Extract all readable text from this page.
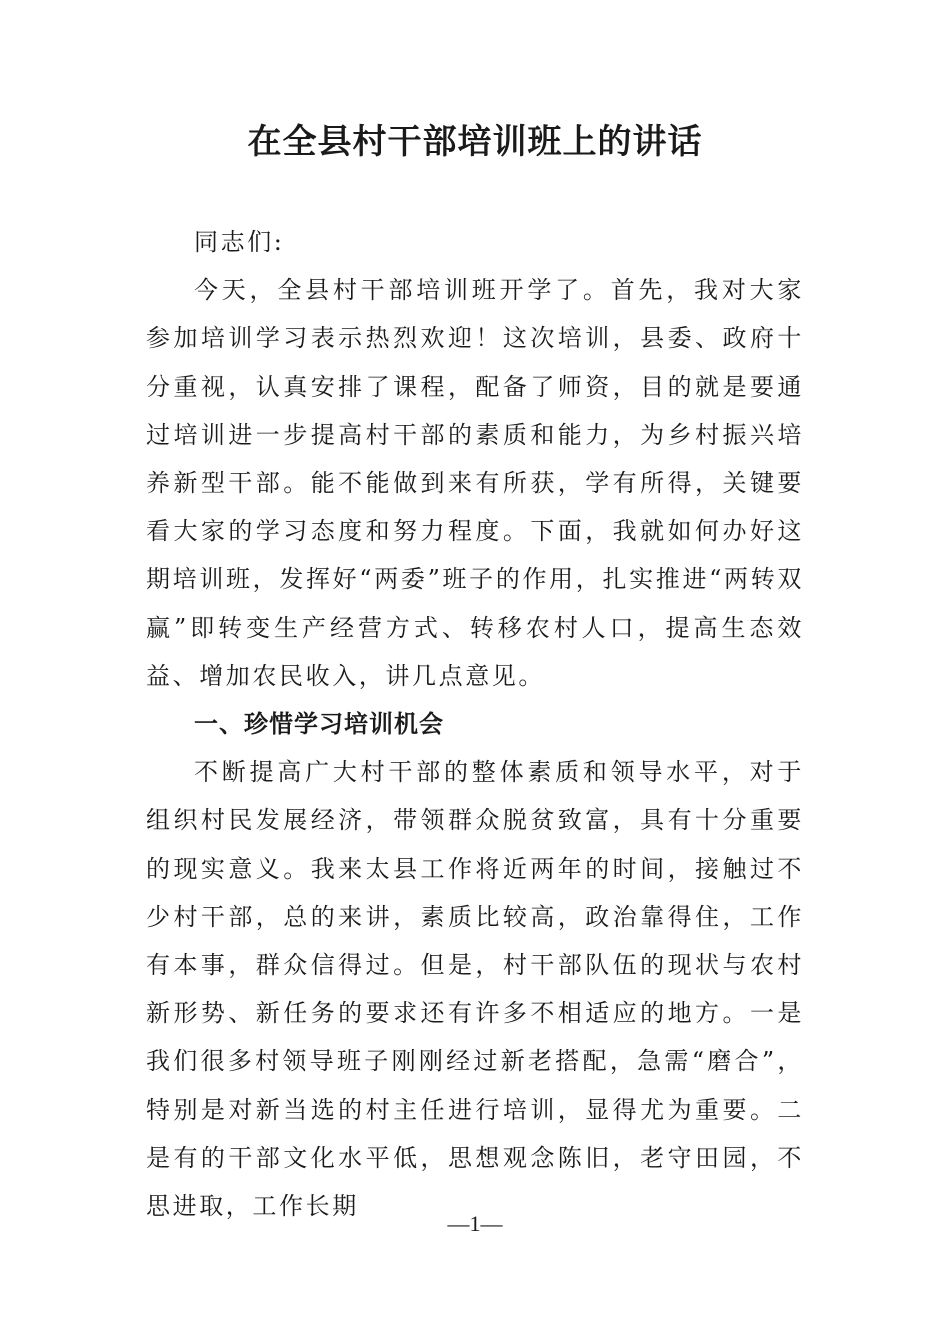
在全县村干部培训班上的讲话

同志们:

今天，全县村干部培训班开学了。首先，我对大家参加培训学习表示热烈欢迎！这次培训，县委、政府十分重视，认真安排了课程，配备了师资，目的就是要通过培训进一步提高村干部的素质和能力，为乡村振兴培养新型干部。能不能做到来有所获，学有所得，关键要看大家的学习态度和努力程度。下面，我就如何办好这期培训班，发挥好“两委”班子的作用，扎实推进“两转双赢”即转变生产经营方式、转移农村人口，提高生态效益、增加农民收入，讲几点意见。

一、珍惜学习培训机会

不断提高广大村干部的整体素质和领导水平，对于组织村民发展经济，带领群众脱贫致富，具有十分重要的现实意义。我来太县工作将近两年的时间，接触过不少村干部，总的来讲，素质比较高，政治靠得住，工作有本事，群众信得过。但是，村干部队伍的现状与农村新形势、新任务的要求还有许多不相适应的地方。一是我们很多村领导班子刚刚经过新老搭配，急需“磨合”，特别是对新当选的村主任进行培训，显得尤为重要。二是有的干部文化水平低，思想观念陈旧，老守田园，不思进取，工作长期

—1—
